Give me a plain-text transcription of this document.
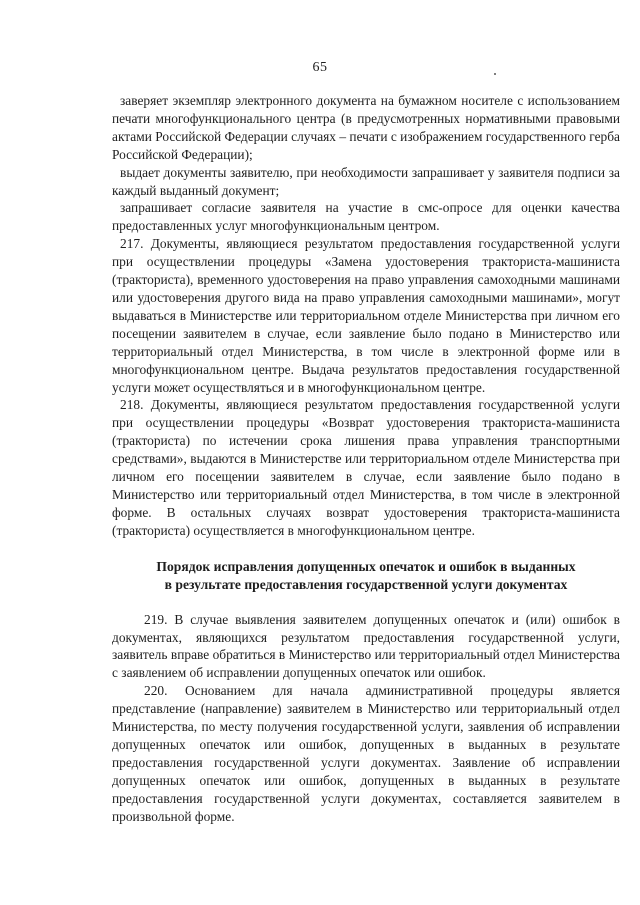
65

заверяет экземпляр электронного документа на бумажном носителе с использованием печати многофункционального центра (в предусмотренных нормативными правовыми актами Российской Федерации случаях – печати с изображением государственного герба Российской Федерации);

выдает документы заявителю, при необходимости запрашивает у заявителя подписи за каждый выданный документ;

запрашивает согласие заявителя на участие в смс-опросе для оценки качества предоставленных услуг многофункциональным центром.

217. Документы, являющиеся результатом предоставления государственной услуги при осуществлении процедуры «Замена удостоверения тракториста-машиниста (тракториста), временного удостоверения на право управления самоходными машинами или удостоверения другого вида на право управления самоходными машинами», могут выдаваться в Министерстве или территориальном отделе Министерства при личном его посещении заявителем в случае, если заявление было подано в Министерство или территориальный отдел Министерства, в том числе в электронной форме или в многофункциональном центре. Выдача результатов предоставления государственной услуги может осуществляться и в многофункциональном центре.

218. Документы, являющиеся результатом предоставления государственной услуги при осуществлении процедуры «Возврат удостоверения тракториста-машиниста (тракториста) по истечении срока лишения права управления транспортными средствами», выдаются в Министерстве или территориальном отделе Министерства при личном его посещении заявителем в случае, если заявление было подано в Министерство или территориальный отдел Министерства, в том числе в электронной форме. В остальных случаях возврат удостоверения тракториста-машиниста (тракториста) осуществляется в многофункциональном центре.

Порядок исправления допущенных опечаток и ошибок в выданных
в результате предоставления государственной услуги документах

219. В случае выявления заявителем допущенных опечаток и (или) ошибок в документах, являющихся результатом предоставления государственной услуги, заявитель вправе обратиться в Министерство или территориальный отдел Министерства с заявлением об исправлении допущенных опечаток или ошибок.

220. Основанием для начала административной процедуры является представление (направление) заявителем в Министерство или территориальный отдел Министерства, по месту получения государственной услуги, заявления об исправлении допущенных опечаток или ошибок, допущенных в выданных в результате предоставления государственной услуги документах. Заявление об исправлении допущенных опечаток или ошибок, допущенных в выданных в результате предоставления государственной услуги документах, составляется заявителем в произвольной форме.
